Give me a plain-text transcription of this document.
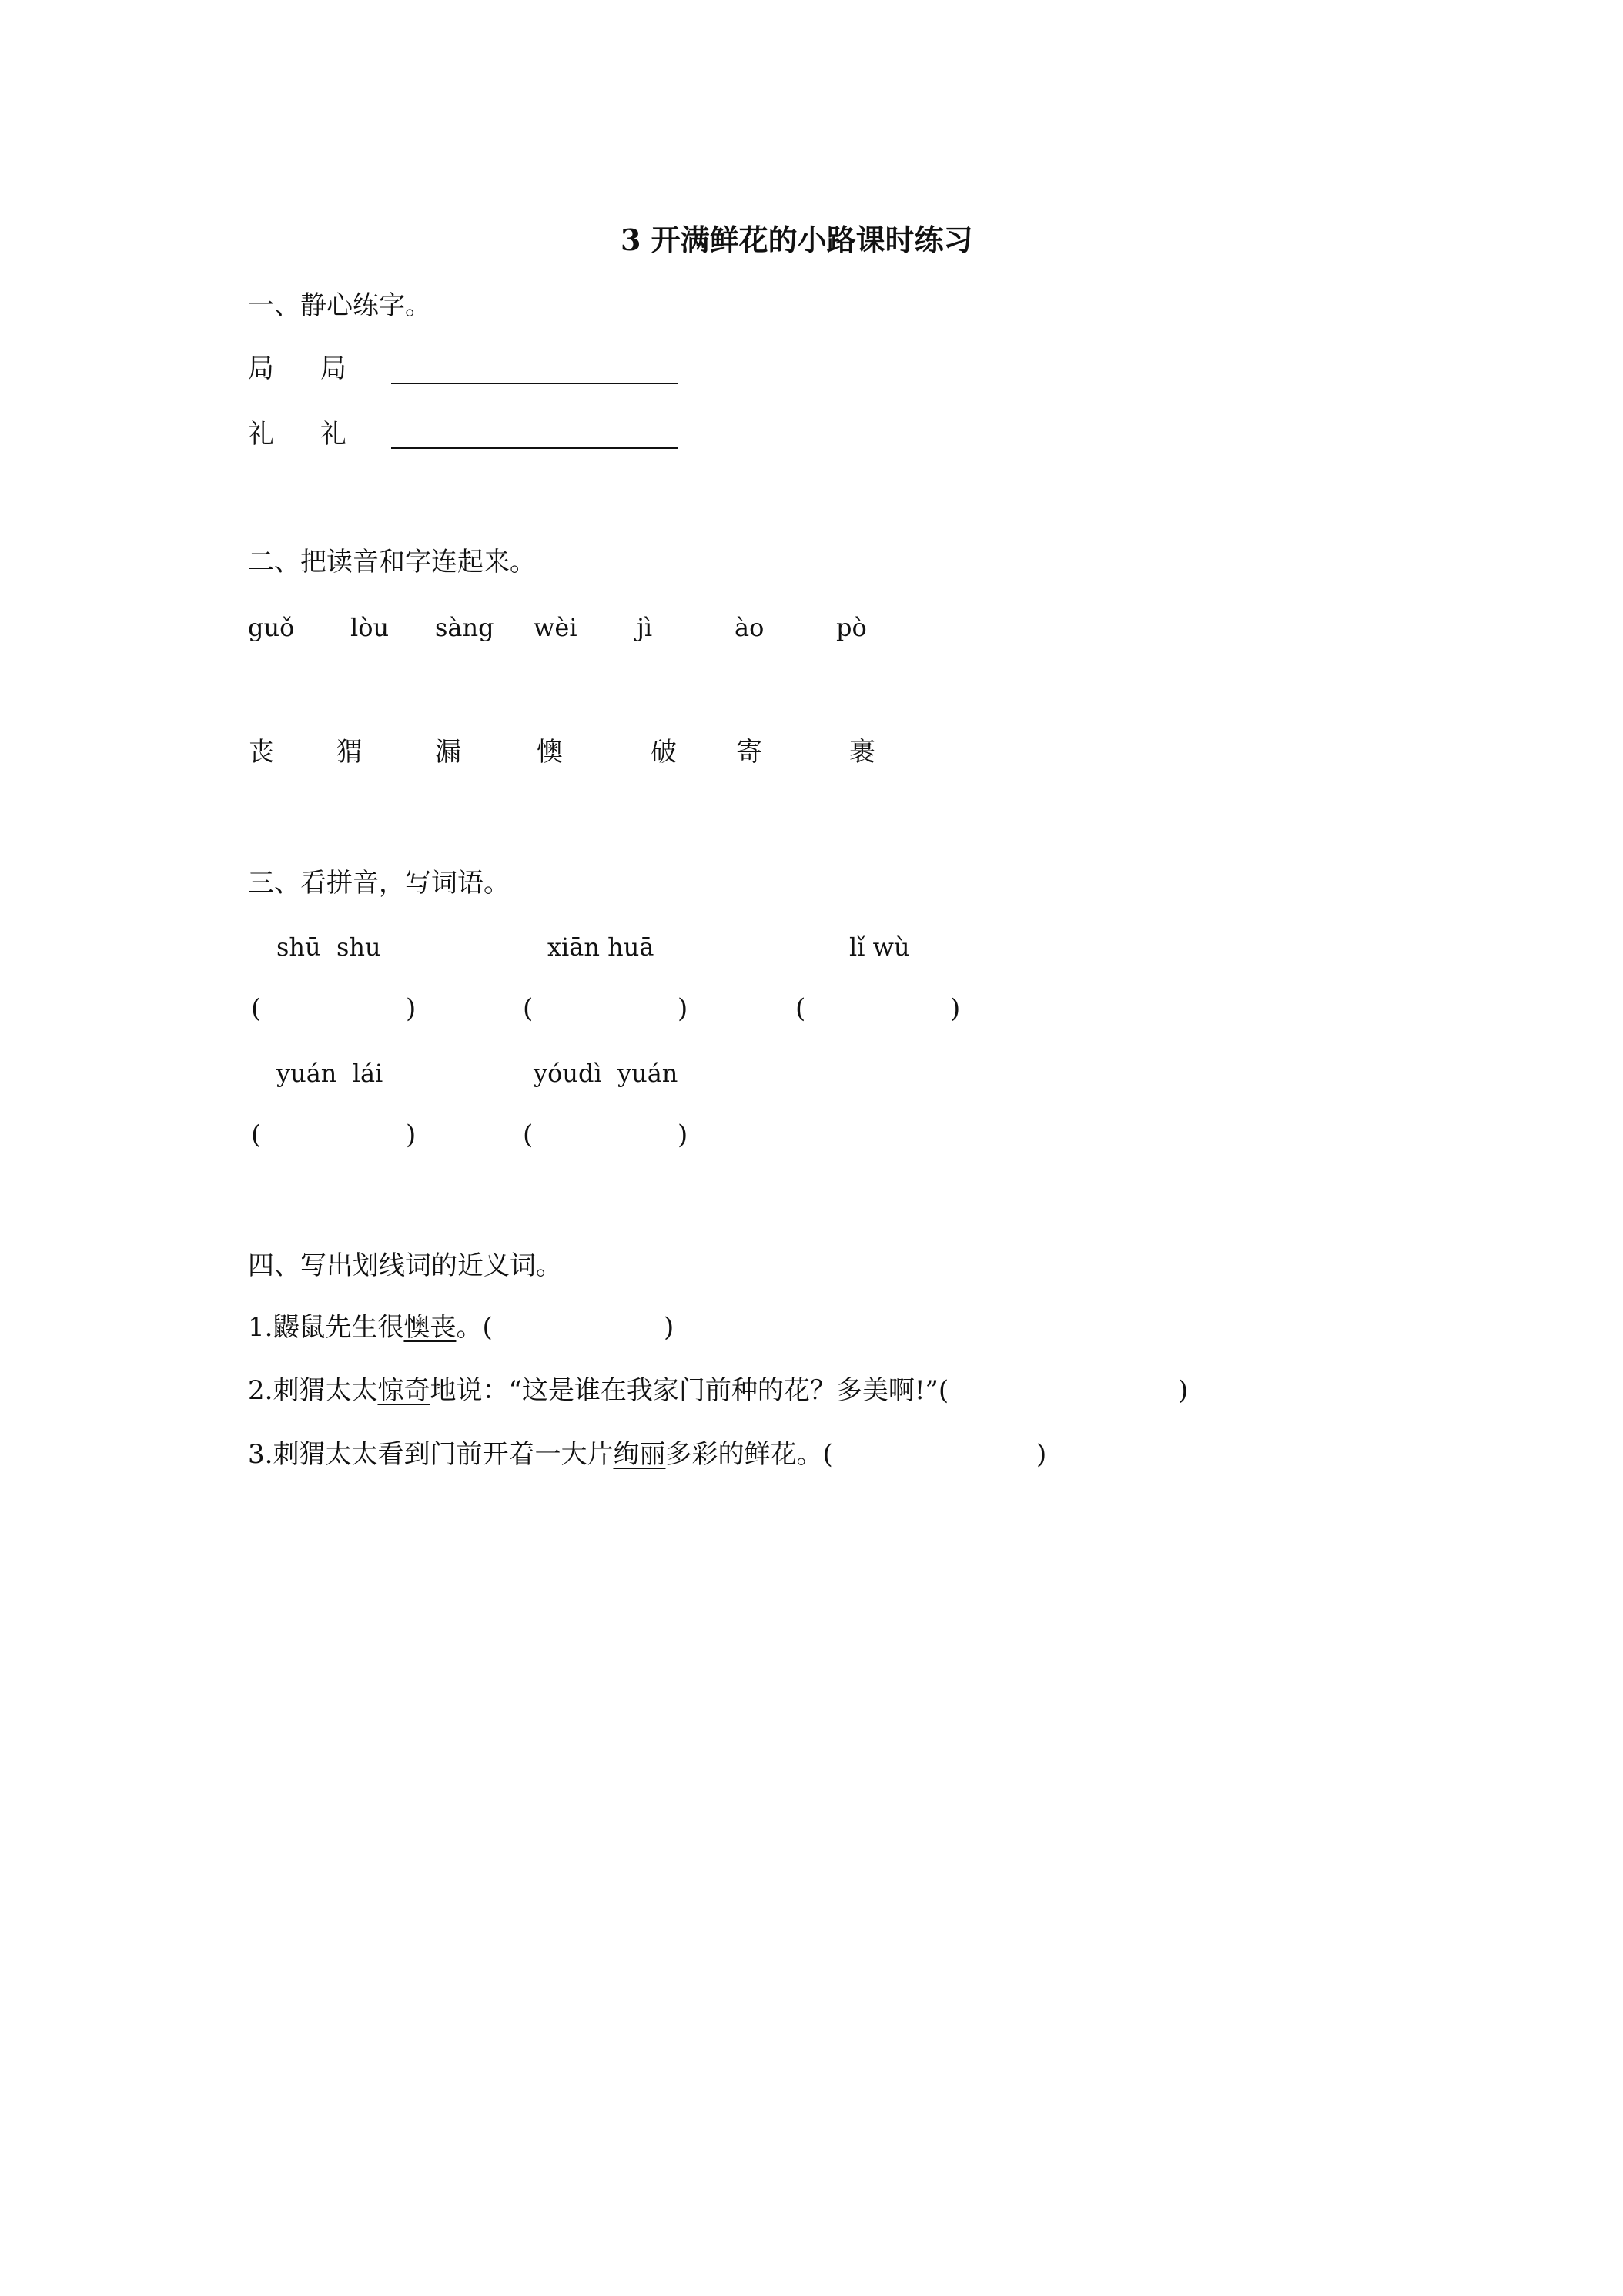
3 开满鲜花的小路课时练习
一、静心练字。
局 局
礼 礼
二、把读音和字连起来。
guǒ lòu sàng wèi jì	ào	pò
丧 猬	漏	懊	破 寄	裹
三、看拼音，写词语。
shū  shu	xiān huā	lǐ wù
(	)	(	)	(	)
yuán  lái	yóudì  yuán
(	)	(	)
四、写出划线词的近义词。
1.鼹鼠先生很懊丧。(	)
2.刺猬太太惊奇地说：“这是谁在我家门前种的花？多美啊!”(	)
3.刺猬太太看到门前开着一大片绚丽多彩的鲜花。(	)
